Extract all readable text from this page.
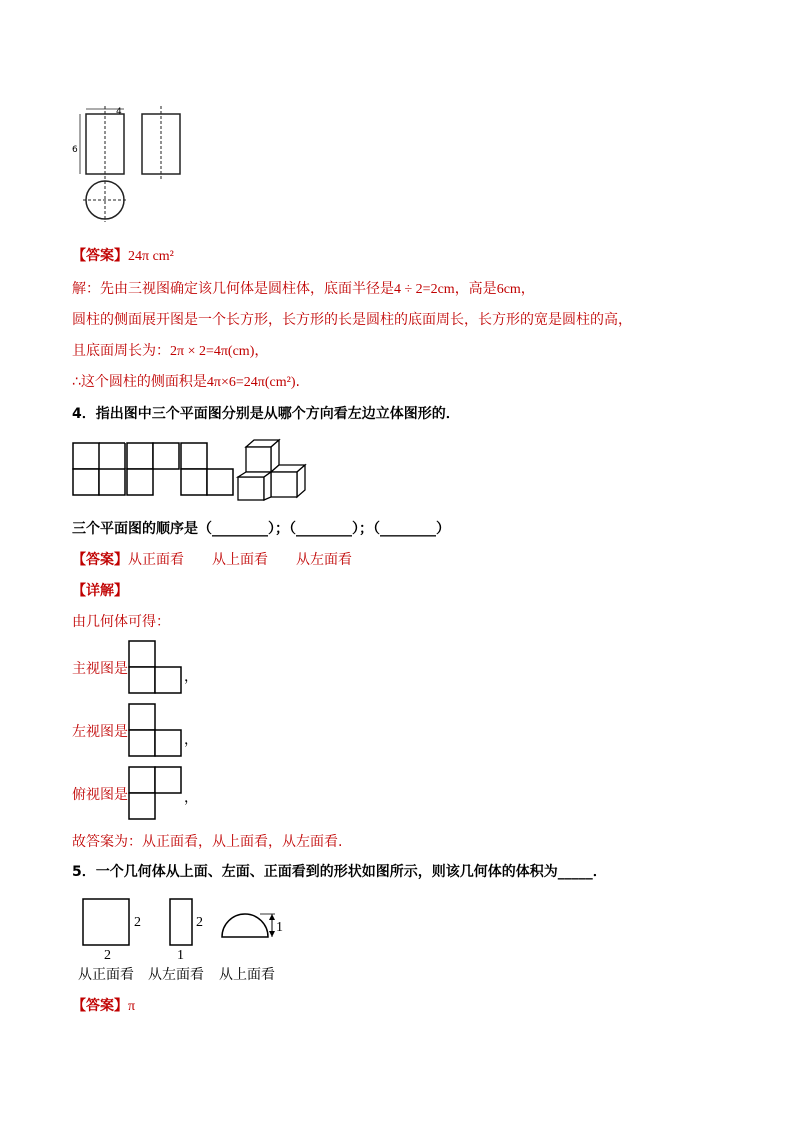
4
6
【答案】24π cm²
解：先由三视图确定该几何体是圆柱体，底面半径是4 ÷ 2=2cm，高是6cm，
圆柱的侧面展开图是一个长方形，长方形的长是圆柱的底面周长，长方形的宽是圆柱的高，
且底面周长为：2π × 2=4π(cm)，
∴这个圆柱的侧面积是4π×6=24π(cm²).
4．指出图中三个平面图分别是从哪个方向看左边立体图形的．
三个平面图的顺序是（________）；（________）；（________）
【答案】从正面看 从上面看 从左面看
【详解】
由几何体可得：
主视图是	，
左视图是	，
俯视图是	，
故答案为：从正面看，从上面看，从左面看.
5．一个几何体从上面、左面、正面看到的形状如图所示，则该几何体的体积为_____．
2
2
从正面看
2
1
从左面看
1
从上面看
【答案】π
